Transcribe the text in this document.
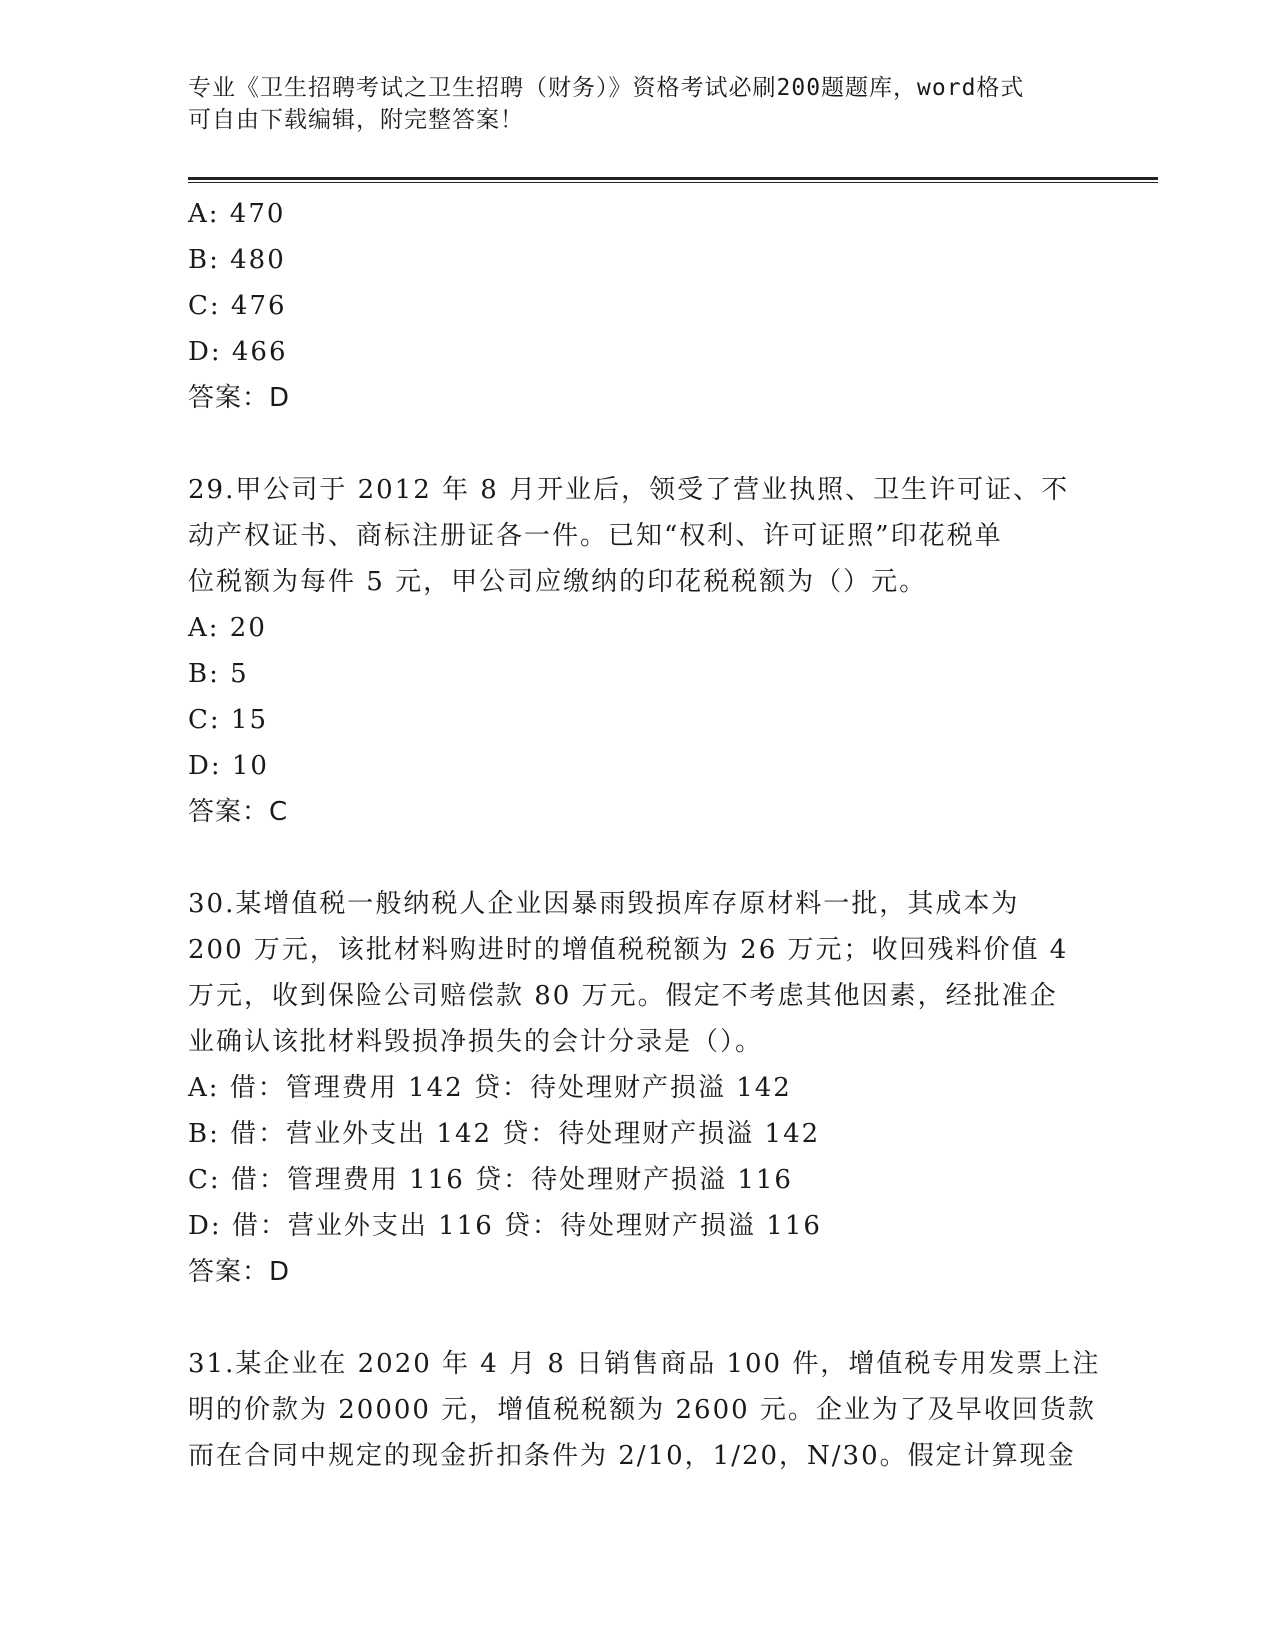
专业《卫生招聘考试之卫生招聘（财务）》资格考试必刷200题题库，word格式
可自由下载编辑，附完整答案！
A: 470
B: 480
C: 476
D: 466
答案：D
29.甲公司于 2012 年 8 月开业后，领受了营业执照、卫生许可证、不
动产权证书、商标注册证各一件。已知“权利、许可证照”印花税单
位税额为每件 5 元，甲公司应缴纳的印花税税额为（）元。
A: 20
B: 5
C: 15
D: 10
答案：C
30.某增值税一般纳税人企业因暴雨毁损库存原材料一批，其成本为
200 万元，该批材料购进时的增值税税额为 26 万元；收回残料价值 4
万元，收到保险公司赔偿款 80 万元。假定不考虑其他因素，经批准企
业确认该批材料毁损净损失的会计分录是（）。
A: 借：管理费用 142 贷：待处理财产损溢 142
B: 借：营业外支出 142 贷：待处理财产损溢 142
C: 借：管理费用 116 贷：待处理财产损溢 116
D: 借：营业外支出 116 贷：待处理财产损溢 116
答案：D
31.某企业在 2020 年 4 月 8 日销售商品 100 件，增值税专用发票上注
明的价款为 20000 元，增值税税额为 2600 元。企业为了及早收回货款
而在合同中规定的现金折扣条件为 2/10，1/20，N/30。假定计算现金
